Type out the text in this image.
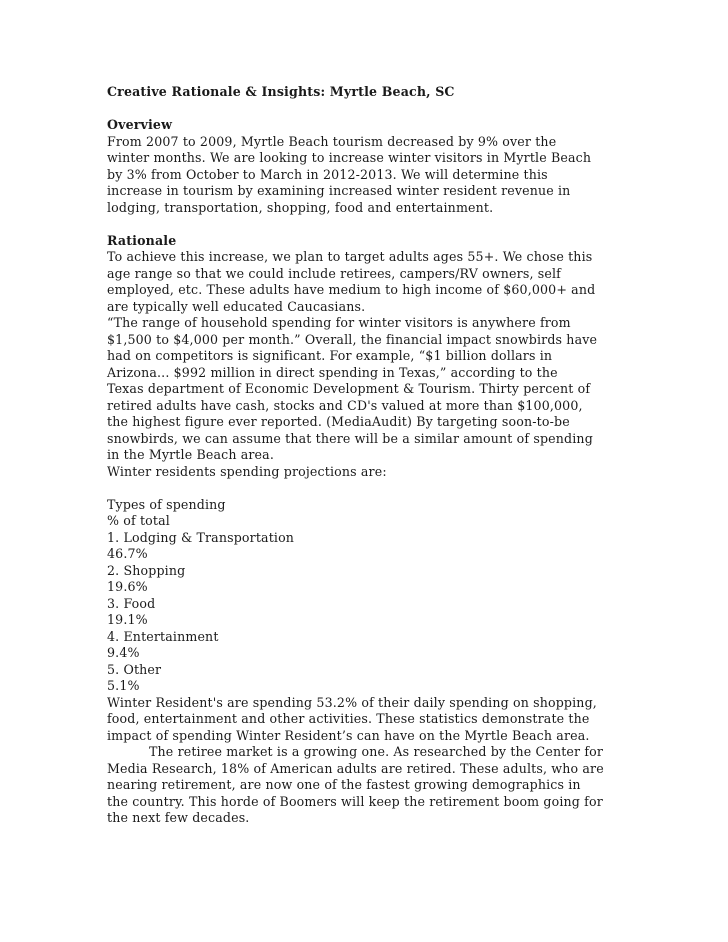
Creative Rationale & Insights: Myrtle Beach, SC
Overview
From 2007 to 2009, Myrtle Beach tourism decreased by 9% over the
winter months. We are looking to increase winter visitors in Myrtle Beach
by 3% from October to March in 2012-2013. We will determine this
increase in tourism by examining increased winter resident revenue in
lodging, transportation, shopping, food and entertainment.
Rationale
To achieve this increase, we plan to target adults ages 55+. We chose this
age range so that we could include retirees, campers/RV owners, self
employed, etc. These adults have medium to high income of $60,000+ and
are typically well educated Caucasians.
“The range of household spending for winter visitors is anywhere from
$1,500 to $4,000 per month.” Overall, the financial impact snowbirds have
had on competitors is significant. For example, “$1 billion dollars in
Arizona... $992 million in direct spending in Texas,” according to the
Texas department of Economic Development & Tourism. Thirty percent of
retired adults have cash, stocks and CD's valued at more than $100,000,
the highest figure ever reported. (MediaAudit) By targeting soon-to-be
snowbirds, we can assume that there will be a similar amount of spending
in the Myrtle Beach area.
Winter residents spending projections are:
Types of spending
% of total
1. Lodging & Transportation
46.7%
2. Shopping
19.6%
3. Food
19.1%
4. Entertainment
9.4%
5. Other
5.1%
Winter Resident's are spending 53.2% of their daily spending on shopping,
food, entertainment and other activities. These statistics demonstrate the
impact of spending Winter Resident’s can have on the Myrtle Beach area.
The retiree market is a growing one. As researched by the Center for
Media Research, 18% of American adults are retired. These adults, who are
nearing retirement, are now one of the fastest growing demographics in
the country. This horde of Boomers will keep the retirement boom going for
the next few decades.
